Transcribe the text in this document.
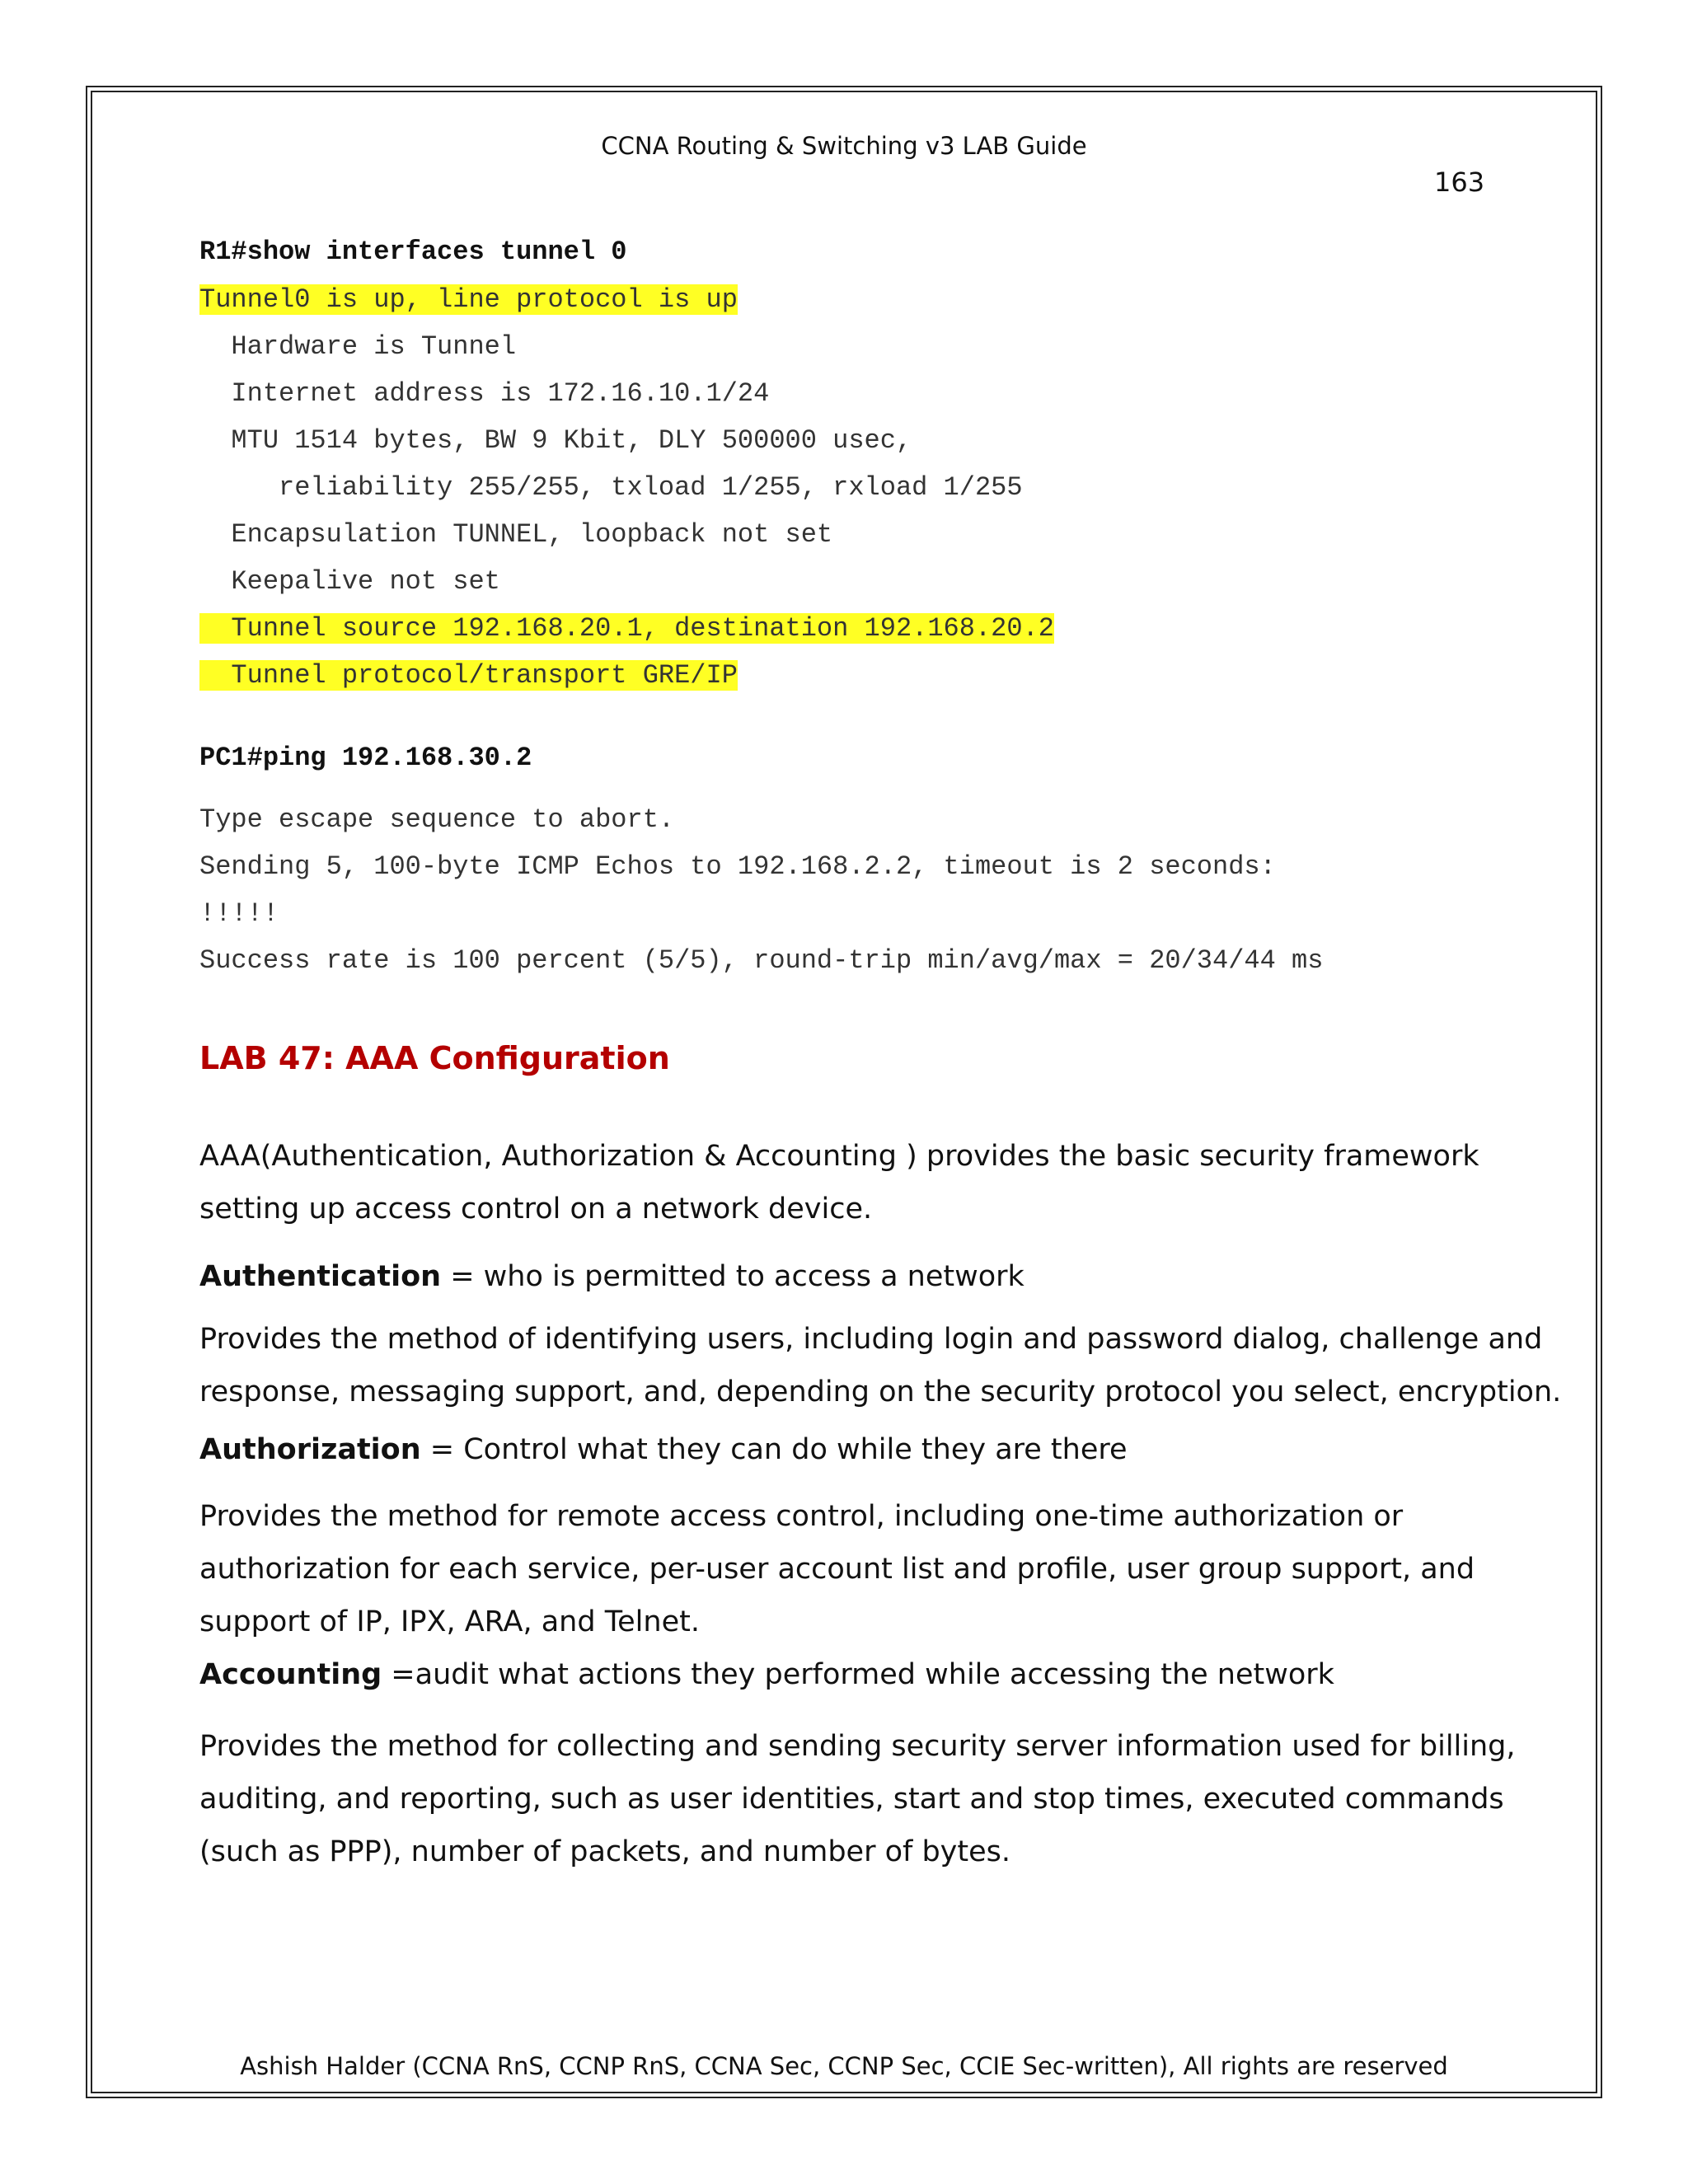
CCNA Routing & Switching v3 LAB Guide
163
R1#show interfaces tunnel 0
Tunnel0 is up, line protocol is up
Hardware is Tunnel
Internet address is 172.16.10.1/24
MTU 1514 bytes, BW 9 Kbit, DLY 500000 usec,
reliability 255/255, txload 1/255, rxload 1/255
Encapsulation TUNNEL, loopback not set
Keepalive not set
Tunnel source 192.168.20.1, destination 192.168.20.2
Tunnel protocol/transport GRE/IP
PC1#ping 192.168.30.2
Type escape sequence to abort.
Sending 5, 100-byte ICMP Echos to 192.168.2.2, timeout is 2 seconds:
!!!!!
Success rate is 100 percent (5/5), round-trip min/avg/max = 20/34/44 ms
LAB 47: AAA Configuration
AAA(Authentication, Authorization & Accounting ) provides the basic security framework
setting up access control on a network device.
Authentication = who is permitted to access a network
Provides the method of identifying users, including login and password dialog, challenge and
response, messaging support, and, depending on the security protocol you select, encryption.
Authorization = Control what they can do while they are there
Provides the method for remote access control, including one-time authorization or
authorization for each service, per-user account list and profile, user group support, and
support of IP, IPX, ARA, and Telnet.
Accounting =audit what actions they performed while accessing the network
Provides the method for collecting and sending security server information used for billing,
auditing, and reporting, such as user identities, start and stop times, executed commands
(such as PPP), number of packets, and number of bytes.
Ashish Halder (CCNA RnS, CCNP RnS, CCNA Sec, CCNP Sec, CCIE Sec-written), All rights are reserved
